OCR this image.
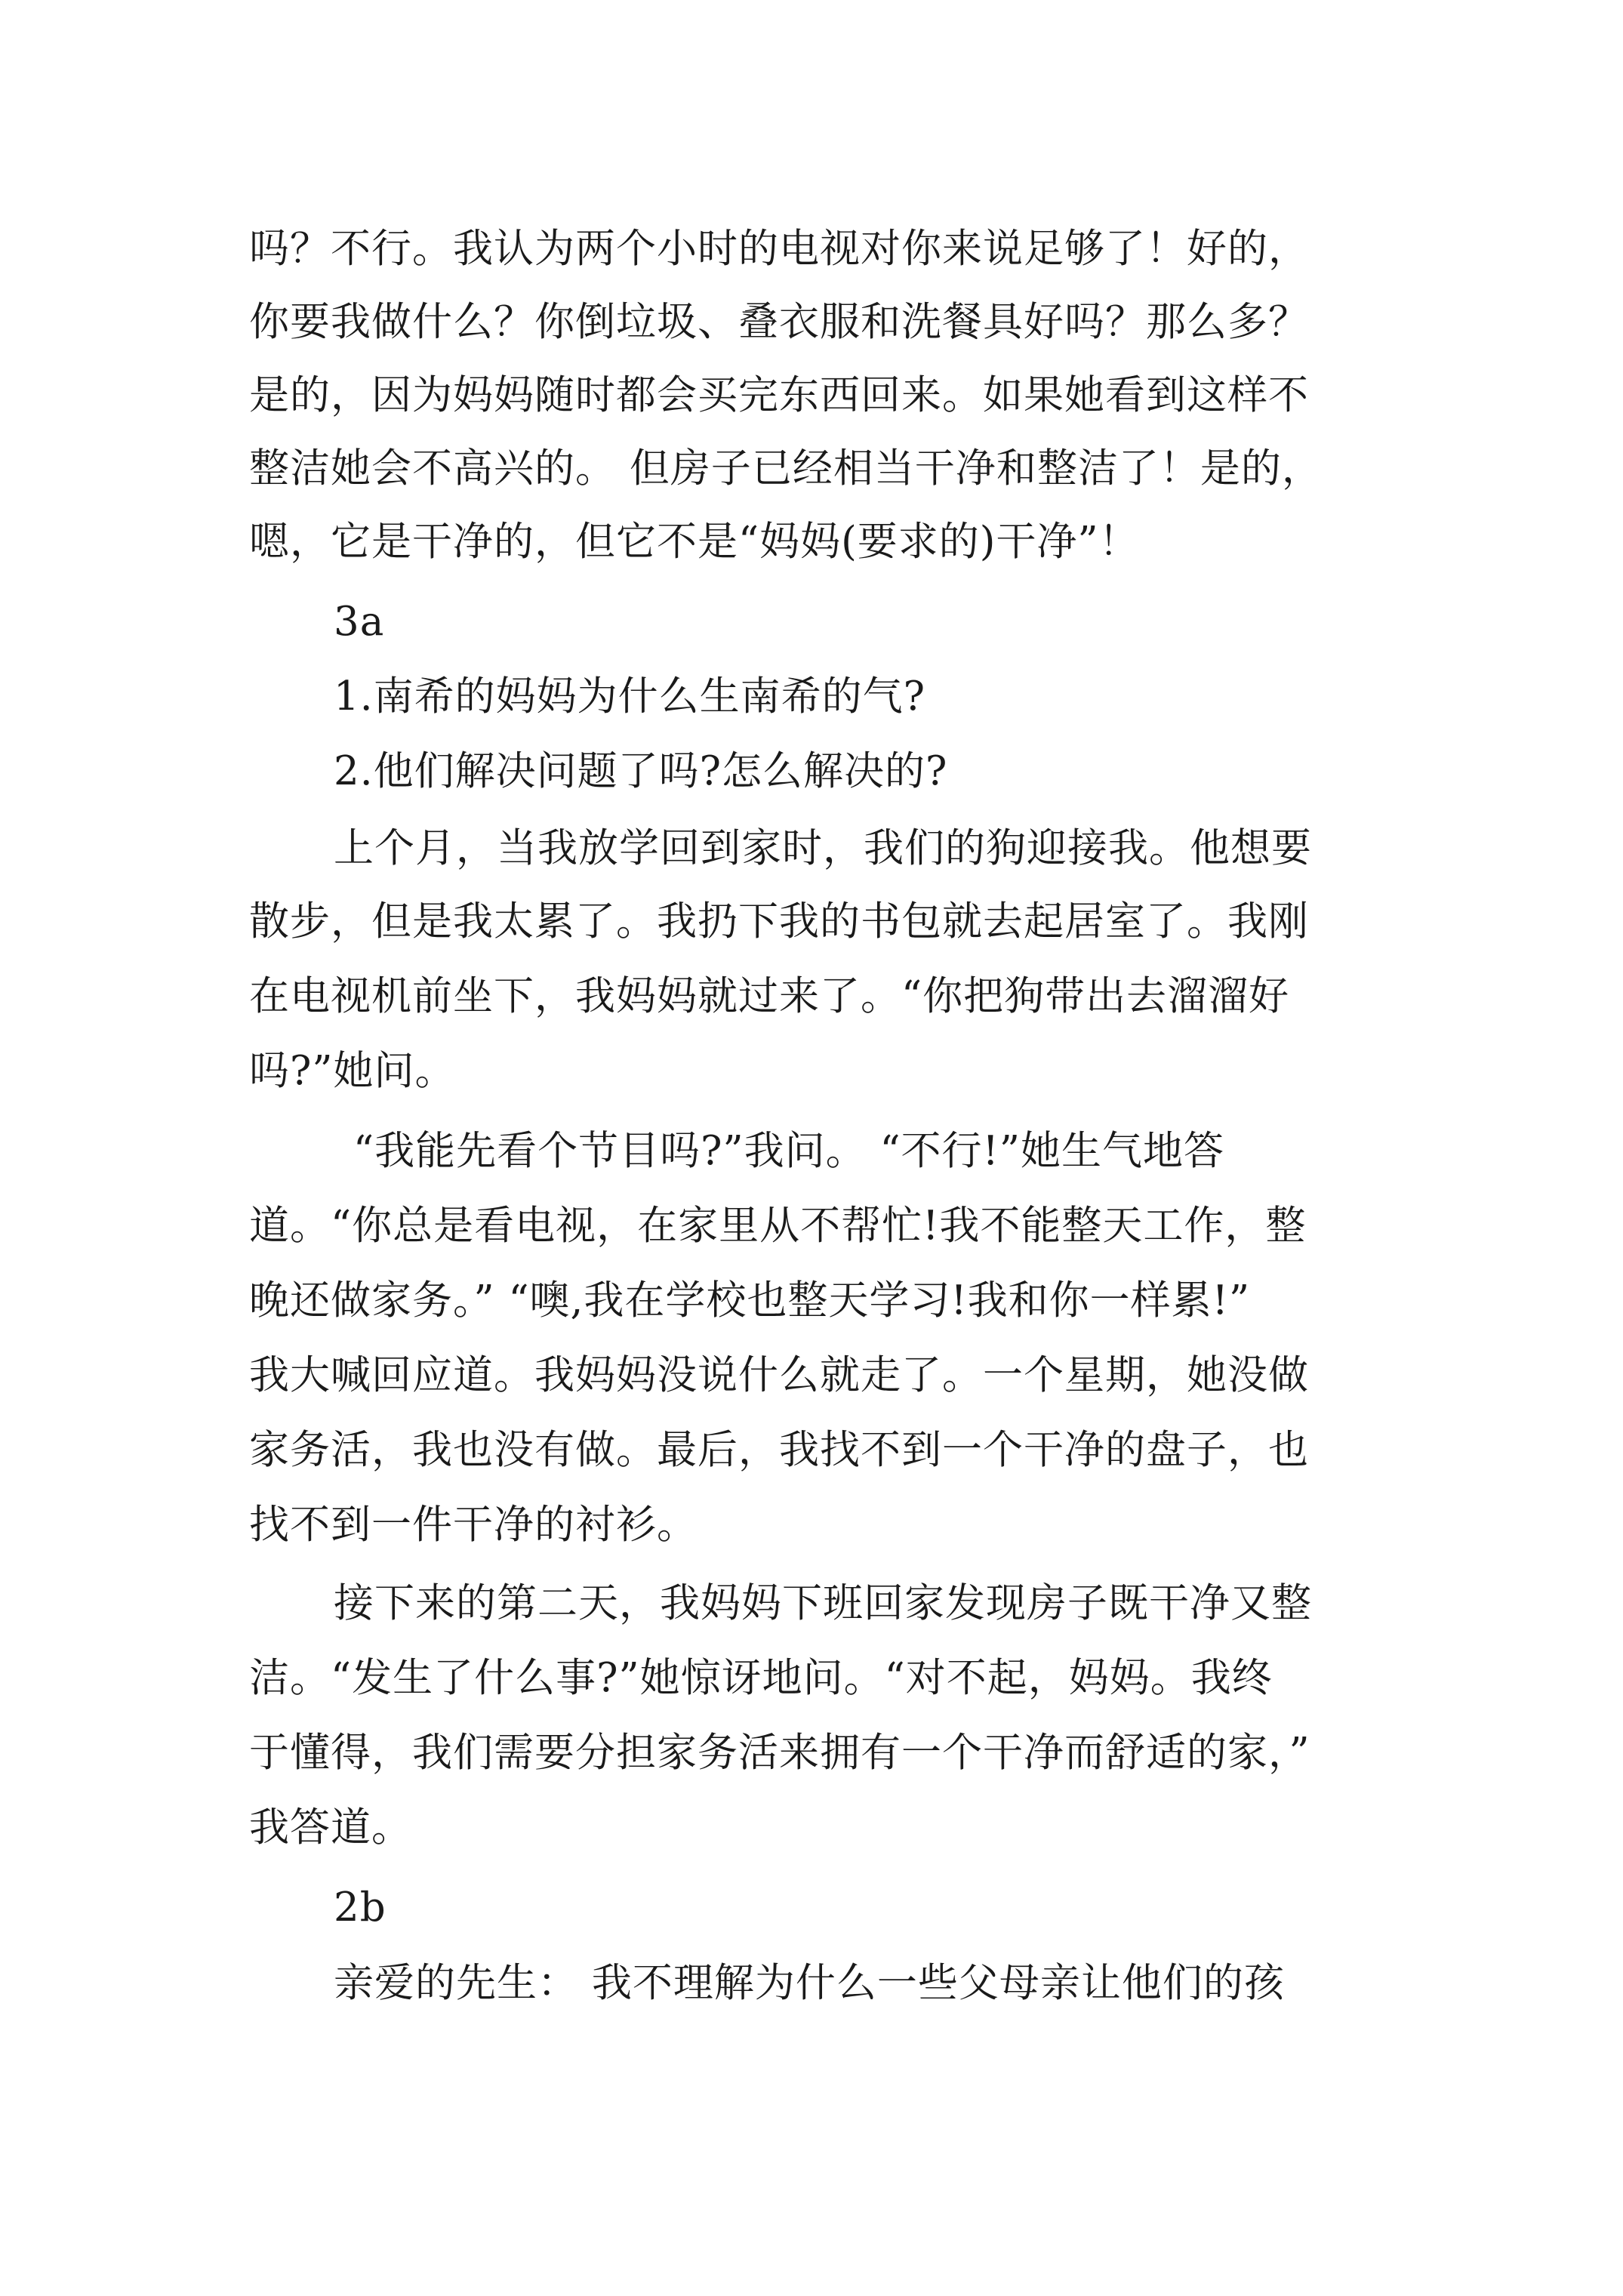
吗？不行。我认为两个小时的电视对你来说足够了！好的，
你要我做什么？你倒垃圾、叠衣服和洗餐具好吗？那么多？
是的，因为妈妈随时都会买完东西回来。如果她看到这样不
整洁她会不高兴的。 但房子已经相当干净和整洁了！是的，
嗯，它是干净的，但它不是“妈妈(要求的)干净”！
3a
1.南希的妈妈为什么生南希的气?
2.他们解决问题了吗?怎么解决的?
上个月，当我放学回到家时，我们的狗迎接我。他想要
散步，但是我太累了。我扔下我的书包就去起居室了。我刚
在电视机前坐下，我妈妈就过来了。“你把狗带出去溜溜好
吗?”她问。
“我能先看个节目吗?”我问。 “不行!”她生气地答
道。“你总是看电视，在家里从不帮忙!我不能整天工作，整
晚还做家务。” “噢,我在学校也整天学习!我和你一样累!”
我大喊回应道。我妈妈没说什么就走了。一个星期，她没做
家务活，我也没有做。最后，我找不到一个干净的盘子，也
找不到一件干净的衬衫。
接下来的第二天，我妈妈下班回家发现房子既干净又整
洁。“发生了什么事?”她惊讶地问。“对不起，妈妈。我终
于懂得，我们需要分担家务活来拥有一个干净而舒适的家，”
我答道。
2b
亲爱的先生： 我不理解为什么一些父母亲让他们的孩
